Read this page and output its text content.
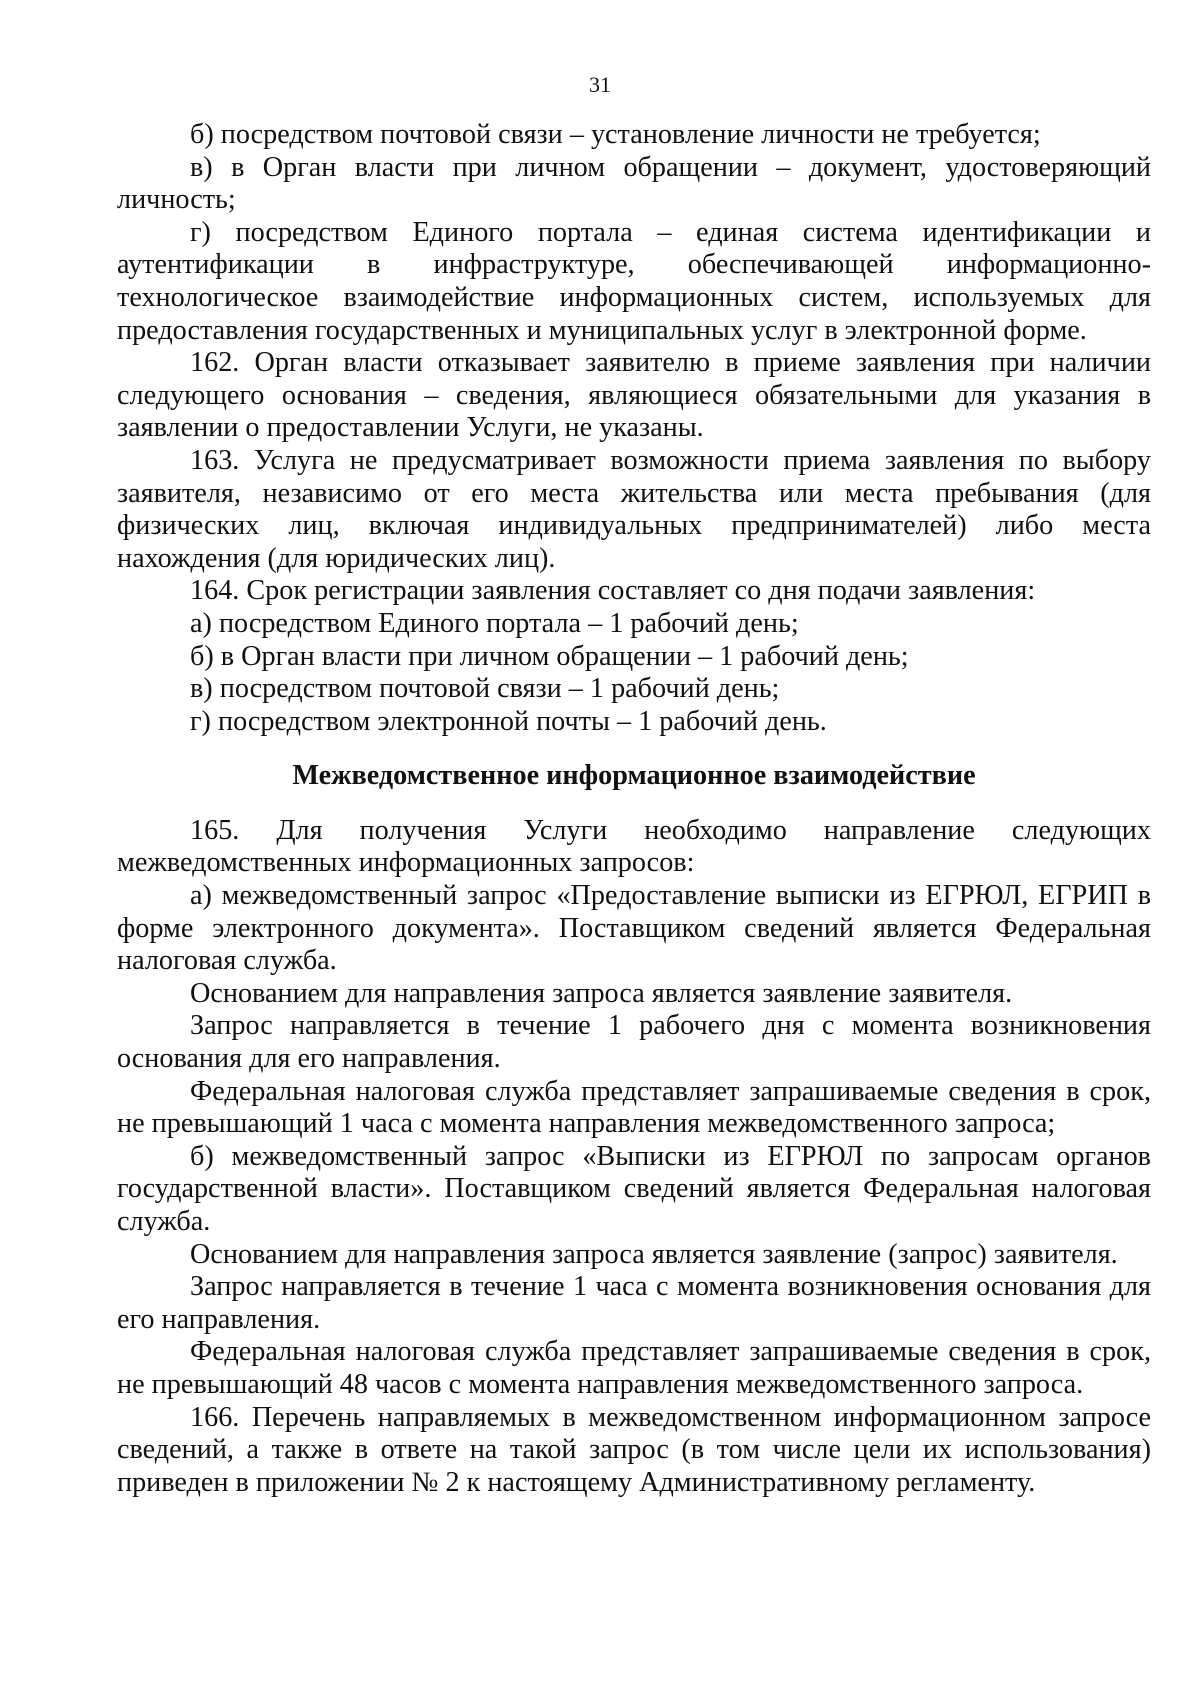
31

б) посредством почтовой связи – установление личности не требуется;

в) в Орган власти при личном обращении – документ, удостоверяющий личность;

г) посредством Единого портала – единая система идентификации и аутентификации в инфраструктуре, обеспечивающей информационно-технологическое взаимодействие информационных систем, используемых для предоставления государственных и муниципальных услуг в электронной форме.

162. Орган власти отказывает заявителю в приеме заявления при наличии следующего основания – сведения, являющиеся обязательными для указания в заявлении о предоставлении Услуги, не указаны.

163. Услуга не предусматривает возможности приема заявления по выбору заявителя, независимо от его места жительства или места пребывания (для физических лиц, включая индивидуальных предпринимателей) либо места нахождения (для юридических лиц).

164. Срок регистрации заявления составляет со дня подачи заявления:

а) посредством Единого портала – 1 рабочий день;

б) в Орган власти при личном обращении – 1 рабочий день;

в) посредством почтовой связи – 1 рабочий день;

г) посредством электронной почты – 1 рабочий день.

Межведомственное информационное взаимодействие

165. Для получения Услуги необходимо направление следующих межведомственных информационных запросов:

а) межведомственный запрос «Предоставление выписки из ЕГРЮЛ, ЕГРИП в форме электронного документа». Поставщиком сведений является Федеральная налоговая служба.

Основанием для направления запроса является заявление заявителя.

Запрос направляется в течение 1 рабочего дня с момента возникновения основания для его направления.

Федеральная налоговая служба представляет запрашиваемые сведения в срок, не превышающий 1 часа с момента направления межведомственного запроса;

б) межведомственный запрос «Выписки из ЕГРЮЛ по запросам органов государственной власти». Поставщиком сведений является Федеральная налоговая служба.

Основанием для направления запроса является заявление (запрос) заявителя.

Запрос направляется в течение 1 часа с момента возникновения основания для его направления.

Федеральная налоговая служба представляет запрашиваемые сведения в срок, не превышающий 48 часов с момента направления межведомственного запроса.

166. Перечень направляемых в межведомственном информационном запросе сведений, а также в ответе на такой запрос (в том числе цели их использования) приведен в приложении № 2 к настоящему Административному регламенту.
